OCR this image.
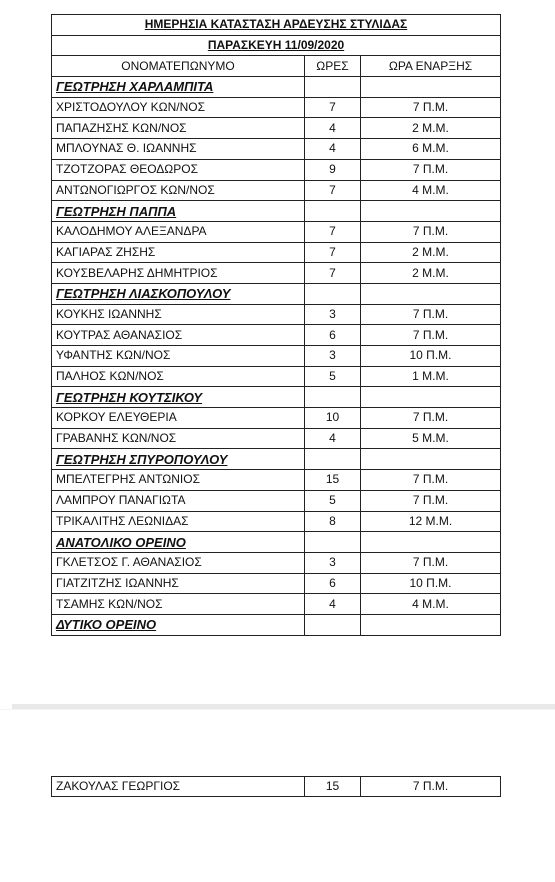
ΗΜΕΡΗΣΙΑ ΚΑΤΑΣΤΑΣΗ ΑΡΔΕΥΣΗΣ ΣΤΥΛΙΔΑΣ		
ΠΑΡΑΣΚΕΥΗ 11/09/2020		
ΟΝΟΜΑΤΕΠΩΝΥΜΟ	ΩΡΕΣ	ΩΡΑ ΕΝΑΡΞΗΣ
ΓΕΩΤΡΗΣΗ ΧΑΡΛΑΜΠΙΤΑ		
ΧΡΙΣΤΟΔΟΥΛΟΥ ΚΩΝ/ΝΟΣ	7	7 Π.Μ.
ΠΑΠΑΖΗΣΗΣ ΚΩΝ/ΝΟΣ	4	2 Μ.Μ.
ΜΠΛΟΥΝΑΣ Θ. ΙΩΑΝΝΗΣ	4	6 Μ.Μ.
ΤΖΟΤΖΟΡΑΣ ΘΕΟΔΩΡΟΣ	9	7 Π.Μ.
ΑΝΤΩΝΟΓΙΩΡΓΟΣ ΚΩΝ/ΝΟΣ	7	4 Μ.Μ.
ΓΕΩΤΡΗΣΗ ΠΑΠΠΑ		
ΚΑΛΟΔΗΜΟΥ ΑΛΕΞΑΝΔΡΑ	7	7 Π.Μ.
ΚΑΓΙΑΡΑΣ ΖΗΣΗΣ	7	2 Μ.Μ.
ΚΟΥΣΒΕΛΑΡΗΣ ΔΗΜΗΤΡΙΟΣ	7	2 Μ.Μ.
ΓΕΩΤΡΗΣΗ ΛΙΑΣΚΟΠΟΥΛΟΥ		
ΚΟΥΚΗΣ ΙΩΑΝΝΗΣ	3	7 Π.Μ.
ΚΟΥΤΡΑΣ ΑΘΑΝΑΣΙΟΣ	6	7 Π.Μ.
ΥΦΑΝΤΗΣ ΚΩΝ/ΝΟΣ	3	10 Π.Μ.
ΠΑΛΗΟΣ ΚΩΝ/ΝΟΣ	5	1 Μ.Μ.
ΓΕΩΤΡΗΣΗ ΚΟΥΤΣΙΚΟΥ		
ΚΟΡΚΟΥ ΕΛΕΥΘΕΡΙΑ	10	7 Π.Μ.
ΓΡΑΒΑΝΗΣ ΚΩΝ/ΝΟΣ	4	5 Μ.Μ.
ΓΕΩΤΡΗΣΗ ΣΠΥΡΟΠΟΥΛΟΥ		
ΜΠΕΛΤΕΓΡΗΣ ΑΝΤΩΝΙΟΣ	15	7 Π.Μ.
ΛΑΜΠΡΟΥ ΠΑΝΑΓΙΩΤΑ	5	7 Π.Μ.
ΤΡΙΚΑΛΙΤΗΣ ΛΕΩΝΙΔΑΣ	8	12 Μ.Μ.
ΑΝΑΤΟΛΙΚΟ ΟΡΕΙΝΟ		
ΓΚΛΕΤΣΟΣ Γ. ΑΘΑΝΑΣΙΟΣ	3	7 Π.Μ.
ΓΙΑΤΖΙΤΖΗΣ ΙΩΑΝΝΗΣ	6	10 Π.Μ.
ΤΣΑΜΗΣ ΚΩΝ/ΝΟΣ	4	4 Μ.Μ.
ΔΥΤΙΚΟ ΟΡΕΙΝΟ		
ΖΑΚΟΥΛΑΣ ΓΕΩΡΓΙΟΣ	15	7 Π.Μ.
